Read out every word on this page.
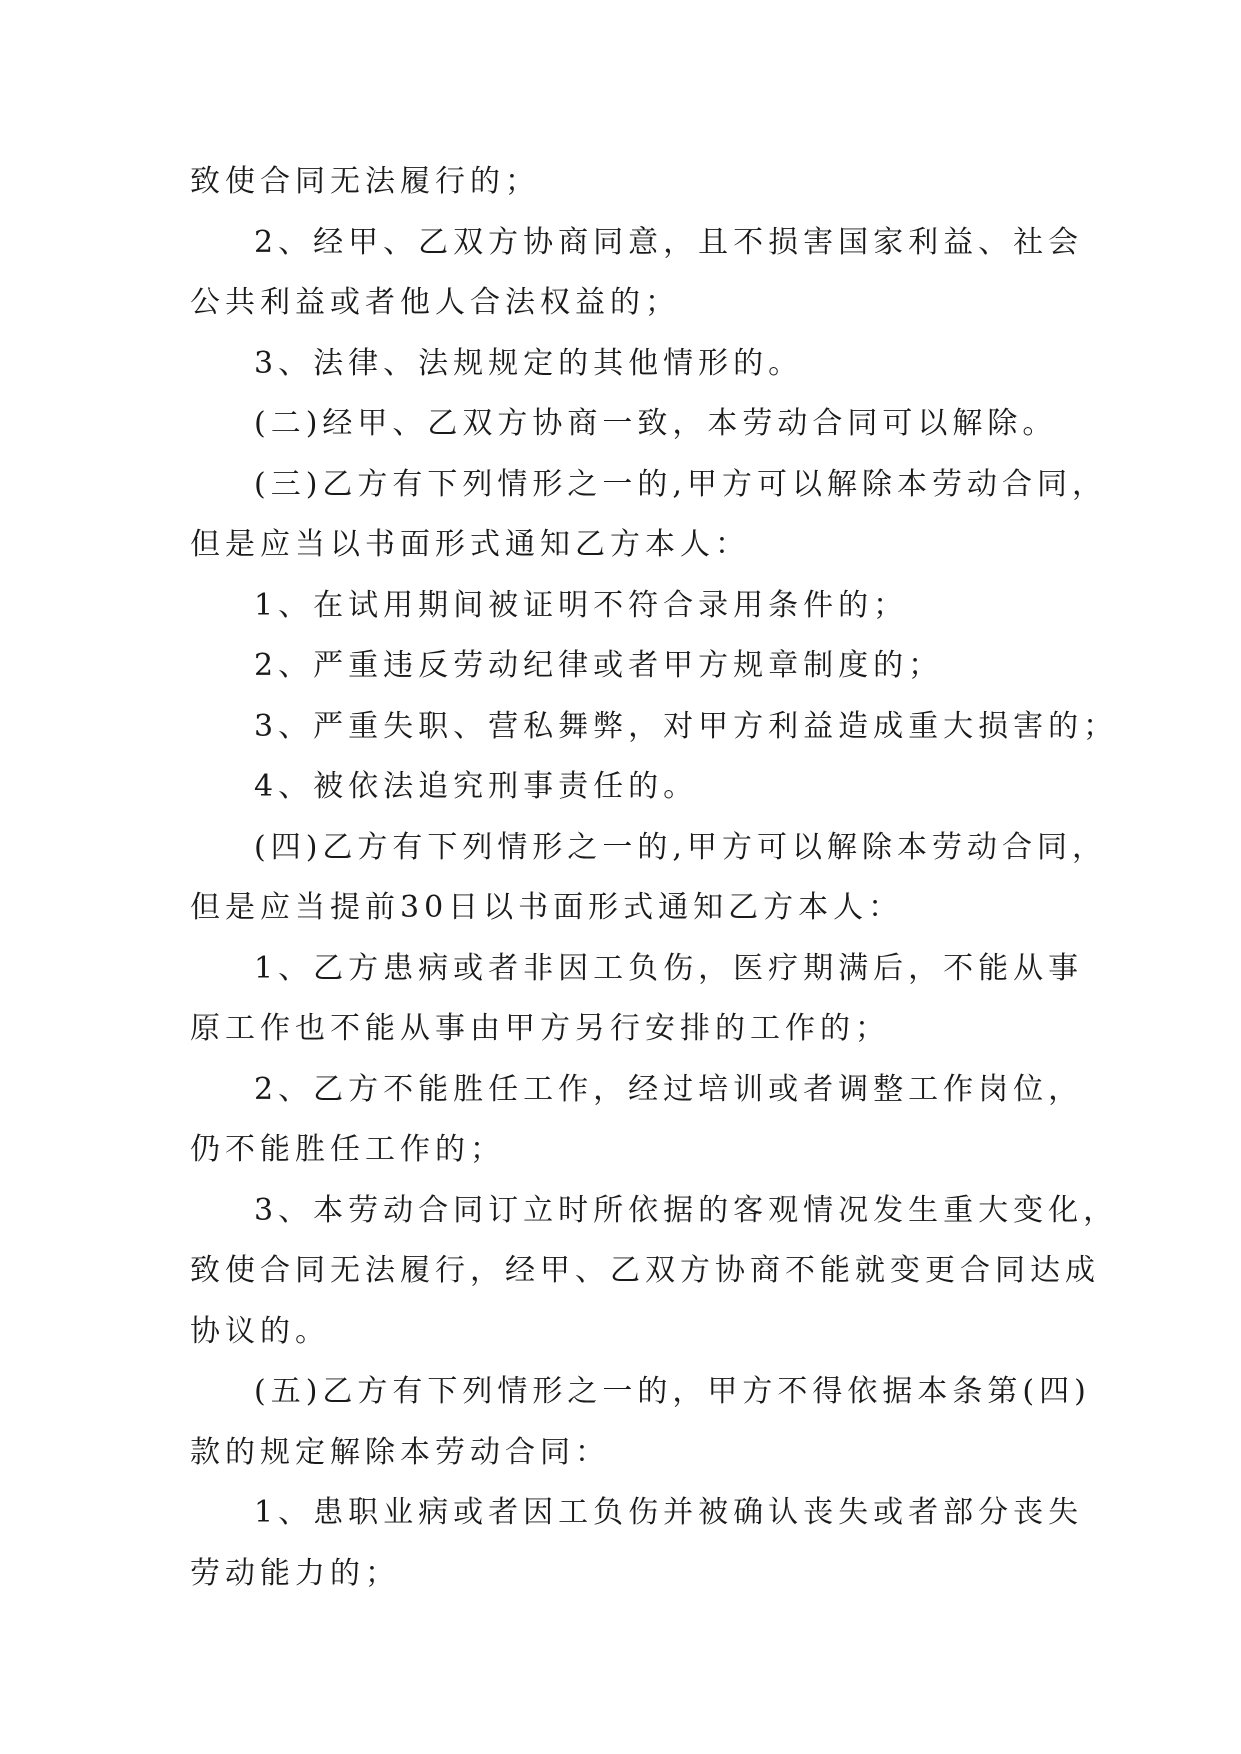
致使合同无法履行的；

2、经甲、乙双方协商同意，且不损害国家利益、社会

公共利益或者他人合法权益的；

3、法律、法规规定的其他情形的。

(二)经甲、乙双方协商一致，本劳动合同可以解除。

(三)乙方有下列情形之一的,甲方可以解除本劳动合同，

但是应当以书面形式通知乙方本人：

1、在试用期间被证明不符合录用条件的；

2、严重违反劳动纪律或者甲方规章制度的；

3、严重失职、营私舞弊，对甲方利益造成重大损害的；

4、被依法追究刑事责任的。

(四)乙方有下列情形之一的,甲方可以解除本劳动合同，

但是应当提前30日以书面形式通知乙方本人：

1、乙方患病或者非因工负伤，医疗期满后，不能从事

原工作也不能从事由甲方另行安排的工作的；

2、乙方不能胜任工作，经过培训或者调整工作岗位，

仍不能胜任工作的；

3、本劳动合同订立时所依据的客观情况发生重大变化，

致使合同无法履行，经甲、乙双方协商不能就变更合同达成

协议的。

(五)乙方有下列情形之一的，甲方不得依据本条第(四)

款的规定解除本劳动合同：

1、患职业病或者因工负伤并被确认丧失或者部分丧失

劳动能力的；
